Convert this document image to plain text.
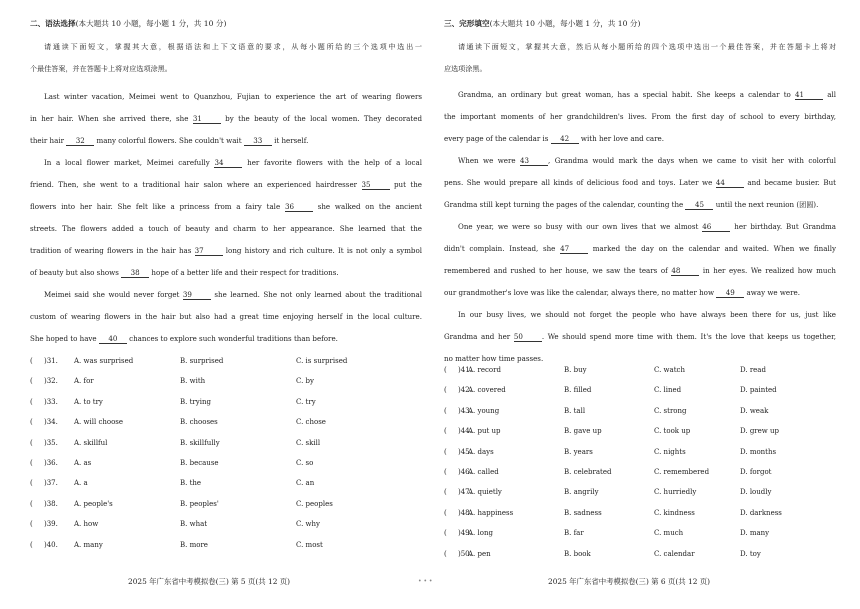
二、语法选择(本大题共 10 小题，每小题 1 分，共 10 分)
请通读下面短文，掌握其大意，根据语法和上下文语意的要求，从每小题所给的三个选项中选出一
个最佳答案，并在答题卡上将对应选项涂黑。
Last winter vacation, Meimei went to Quanzhou, Fujian to experience the art of wearing flowers
in her hair. When she arrived there, she 31	by the beauty of the local women. They decorated
their hair 32 many colorful flowers. She couldn't wait 33 it herself.
In a local flower market, Meimei carefully 34	her favorite flowers with the help of a local
friend. Then, she went to a traditional hair salon where an experienced hairdresser 35	put the
flowers into her hair. She felt like a princess from a fairy tale 36	she walked on the ancient
streets. The flowers added a touch of beauty and charm to her appearance. She learned that the
tradition of wearing flowers in the hair has 37	long history and rich culture. It is not only a symbol
of beauty but also shows 38 hope of a better life and their respect for traditions.
Meimei said she would never forget 39	she learned. She not only learned about the traditional
custom of wearing flowers in the hair but also had a great time enjoying herself in the local culture.
She hoped to have 40 chances to explore such wonderful traditions than before.
( )31. A. was surprised	B. surprised	C. is surprised
( )32. A. for	B. with	C. by
( )33. A. to try	B. trying	C. try
( )34. A. will choose	B. chooses	C. chose
( )35. A. skillful	B. skillfully	C. skill
( )36. A. as	B. because	C. so
( )37. A. a	B. the	C. an
( )38. A. people's	B. peoples'	C. peoples
( )39. A. how	B. what	C. why
( )40. A. many	B. more	C. most
2025 年广东省中考模拟卷(三) 第 5 页(共 12 页)	• • •
三、完形填空(本大题共 10 小题，每小题 1 分，共 10 分)
请通读下面短文，掌握其大意，然后从每小题所给的四个选项中选出一个最佳答案，并在答题卡上将对
应选项涂黑。
Grandma, an ordinary but great woman, has a special habit. She keeps a calendar to 41	all
the important moments of her grandchildren's lives. From the first day of school to every birthday,
every page of the calendar is 42 with her love and care.
When we were 43	, Grandma would mark the days when we came to visit her with colorful
pens. She would prepare all kinds of delicious food and toys. Later we 44	and became busier. But
Grandma still kept turning the pages of the calendar, counting the 45 until the next reunion (团圆).
One year, we were so busy with our own lives that we almost 46	her birthday. But Grandma
didn't complain. Instead, she 47	marked the day on the calendar and waited. When we finally
remembered and rushed to her house, we saw the tears of 48	in her eyes. We realized how much
our grandmother's love was like the calendar, always there, no matter how 49 away we were.
In our busy lives, we should not forget the people who have always been there for us, just like
Grandma and her 50	. We should spend more time with them. It's the love that keeps us together,
no matter how time passes.
( )41.
A. record	B. buy	C. watch	D. read
( )42.
A. covered	B. filled	C. lined	D. painted
( )43.
A. young	B. tall	C. strong	D. weak
( )44.
A. put up	B. gave up	C. took up	D. grew up
( )45.
A. days	B. years	C. nights	D. months
( )46.
A. called	B. celebrated	C. remembered	D. forgot
( )47.
A. quietly	B. angrily	C. hurriedly	D. loudly
( )48.
A. happiness	B. sadness	C. kindness	D. darkness
( )49.
A. long	B. far	C. much	D. many
( )50.
A. pen	B. book	C. calendar	D. toy
2025 年广东省中考模拟卷(三) 第 6 页(共 12 页)
